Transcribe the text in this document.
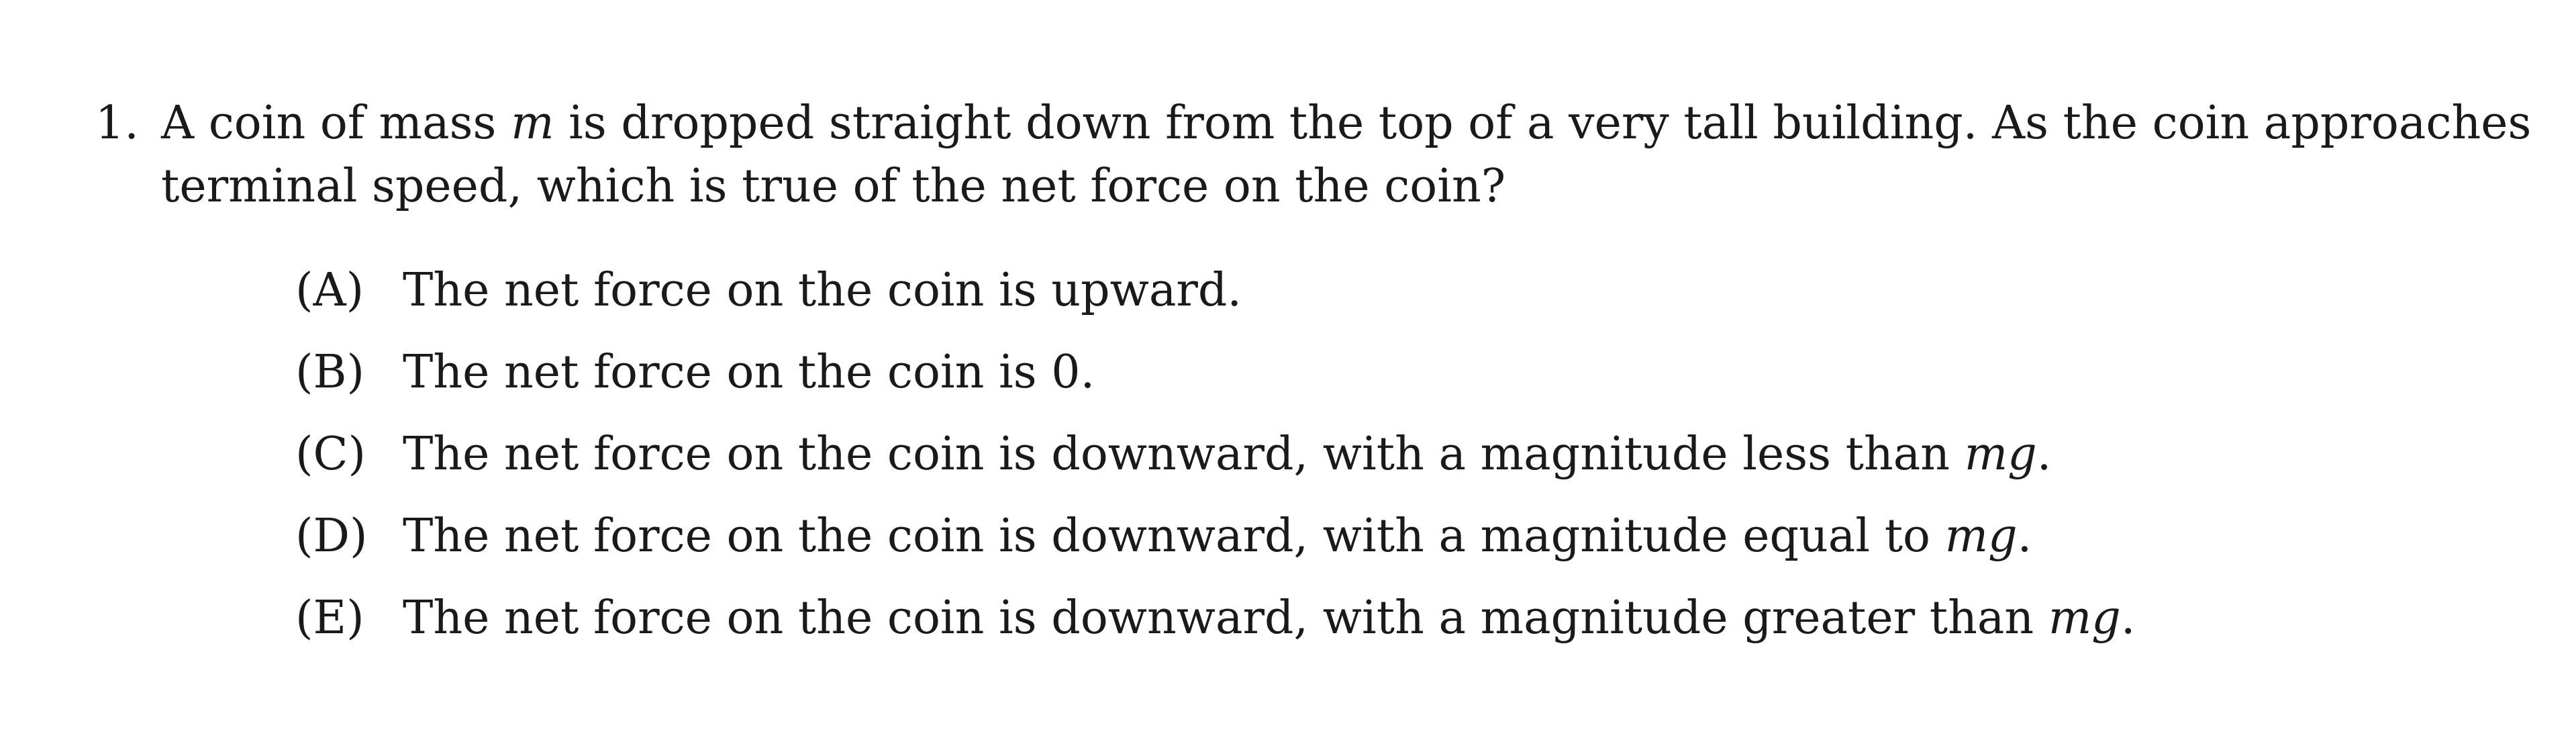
1. A coin of mass m is dropped straight down from the top of a very tall building. As the coin approaches
terminal speed, which is true of the net force on the coin?
(A) The net force on the coin is upward.
(B) The net force on the coin is 0.
(C) The net force on the coin is downward, with a magnitude less than mg.
(D) The net force on the coin is downward, with a magnitude equal to mg.
(E) The net force on the coin is downward, with a magnitude greater than mg.
